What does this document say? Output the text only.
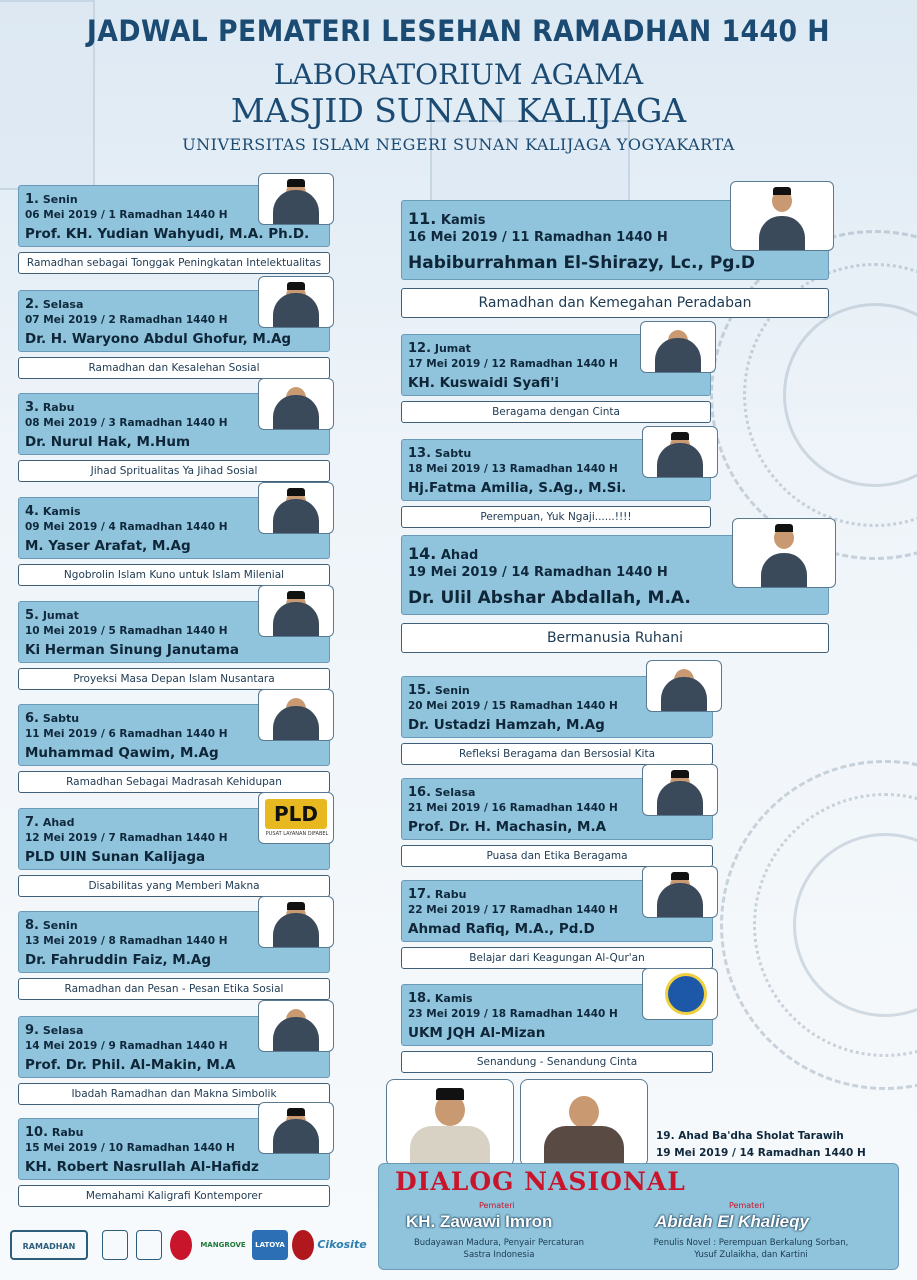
JADWAL PEMATERI LESEHAN RAMADHAN 1440 H
LABORATORIUM AGAMA
MASJID SUNAN KALIJAGA
UNIVERSITAS ISLAM NEGERI SUNAN KALIJAGA YOGYAKARTA
1. Senin
06 Mei 2019 / 1 Ramadhan 1440 H
Prof. KH. Yudian Wahyudi, M.A. Ph.D.
Ramadhan sebagai Tonggak Peningkatan Intelektualitas
2. Selasa
07 Mei 2019 / 2 Ramadhan 1440 H
Dr. H. Waryono Abdul Ghofur, M.Ag
Ramadhan dan Kesalehan Sosial
3. Rabu
08 Mei 2019 / 3 Ramadhan 1440 H
Dr. Nurul Hak, M.Hum
Jihad Spritualitas Ya Jihad Sosial
4. Kamis
09 Mei 2019 / 4 Ramadhan 1440 H
M. Yaser Arafat, M.Ag
Ngobrolin Islam Kuno untuk Islam Milenial
5. Jumat
10 Mei 2019 / 5 Ramadhan 1440 H
Ki Herman Sinung Janutama
Proyeksi Masa Depan Islam Nusantara
6. Sabtu
11 Mei 2019 / 6 Ramadhan 1440 H
Muhammad Qawim, M.Ag
Ramadhan Sebagai Madrasah Kehidupan
7. Ahad
12 Mei 2019 / 7 Ramadhan 1440 H
PLD UIN Sunan Kalijaga
PLD
PUSAT LAYANAN DIFABEL
Disabilitas yang Memberi Makna
8. Senin
13 Mei 2019 / 8 Ramadhan 1440 H
Dr. Fahruddin Faiz, M.Ag
Ramadhan dan Pesan - Pesan Etika Sosial
9. Selasa
14 Mei 2019 / 9 Ramadhan 1440 H
Prof. Dr. Phil. Al-Makin, M.A
Ibadah Ramadhan dan Makna Simbolik
10. Rabu
15 Mei 2019 / 10 Ramadhan 1440 H
KH. Robert Nasrullah Al-Hafidz
Memahami Kaligrafi Kontemporer
11. Kamis
16 Mei 2019 / 11 Ramadhan 1440 H
Habiburrahman El-Shirazy, Lc., Pg.D
Ramadhan dan Kemegahan Peradaban
12. Jumat
17 Mei 2019 / 12 Ramadhan 1440 H
KH. Kuswaidi Syafi'i
Beragama dengan Cinta
13. Sabtu
18 Mei 2019 / 13 Ramadhan 1440 H
Hj.Fatma Amilia, S.Ag., M.Si.
Perempuan, Yuk Ngaji......!!!!
14. Ahad
19 Mei 2019 / 14 Ramadhan 1440 H
Dr. Ulil Abshar Abdallah, M.A.
Bermanusia Ruhani
15. Senin
20 Mei 2019 / 15 Ramadhan 1440 H
Dr. Ustadzi Hamzah, M.Ag
Refleksi Beragama dan Bersosial Kita
16. Selasa
21 Mei 2019 / 16 Ramadhan 1440 H
Prof. Dr. H. Machasin, M.A
Puasa dan Etika Beragama
17. Rabu
22 Mei 2019 / 17 Ramadhan 1440 H
Ahmad Rafiq, M.A., Pd.D
Belajar dari Keagungan Al-Qur'an
18. Kamis
23 Mei 2019 / 18 Ramadhan 1440 H
UKM JQH Al-Mizan
Senandung - Senandung Cinta
19. Ahad Ba'dha Sholat Tarawih
19 Mei 2019 / 14 Ramadhan 1440 H
DIALOG NASIONAL
Pemateri
KH. Zawawi Imron
Budayawan Madura, Penyair Percaturan
Sastra Indonesia
Pemateri
Abidah El Khalieqy
Penulis Novel : Perempuan Berkalung Sorban,
Yusuf Zulaikha, dan Kartini
RAMADHAN	MANGROVE	LATOYA	Cikosite
